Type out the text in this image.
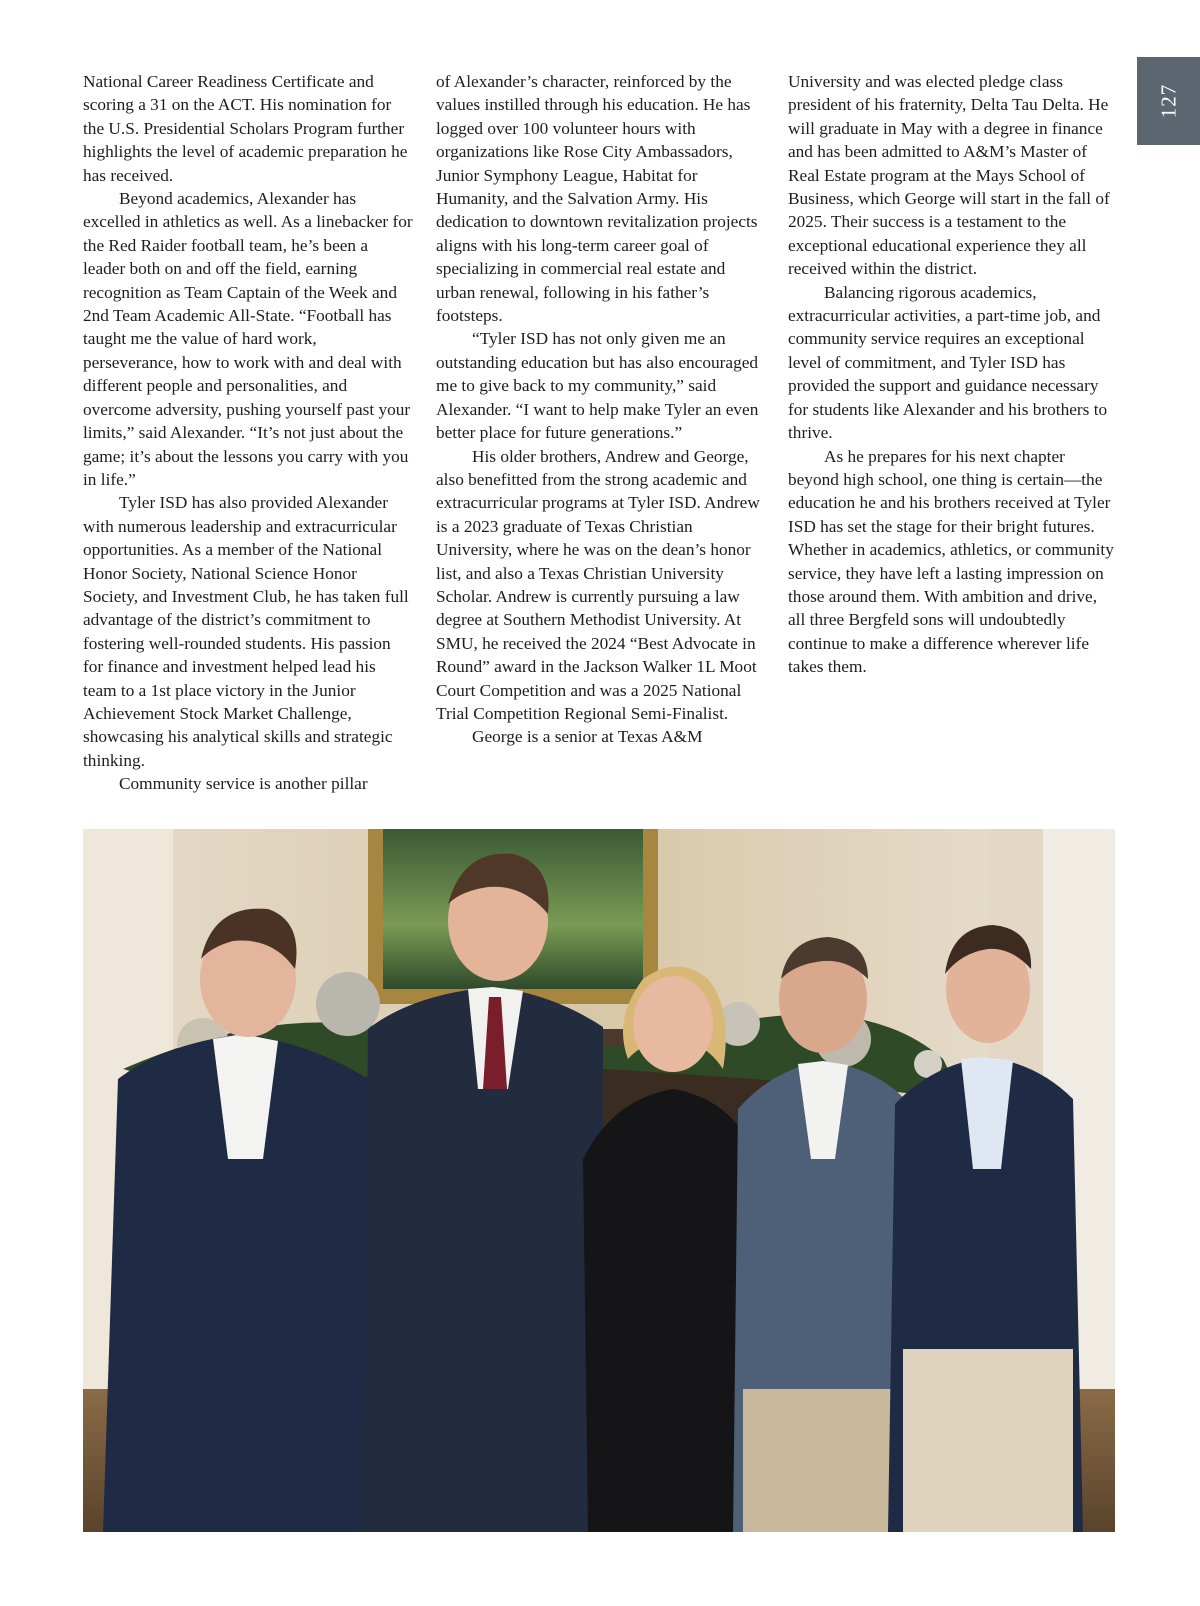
127

National Career Readiness Certificate and scoring a 31 on the ACT. His nomination for the U.S. Presidential Scholars Program further highlights the level of academic preparation he has received.

Beyond academics, Alexander has excelled in athletics as well. As a linebacker for the Red Raider football team, he’s been a leader both on and off the field, earning recognition as Team Captain of the Week and 2nd Team Academic All-State. “Football has taught me the value of hard work, perseverance, how to work with and deal with different people and personalities, and overcome adversity, pushing yourself past your limits,” said Alexander. “It’s not just about the game; it’s about the lessons you carry with you in life.”

Tyler ISD has also provided Alexander with numerous leadership and extracurricular opportunities. As a member of the National Honor Society, National Science Honor Society, and Investment Club, he has taken full advantage of the district’s commitment to fostering well-rounded students. His passion for finance and investment helped lead his team to a 1st place victory in the Junior Achievement Stock Market Challenge, showcasing his analytical skills and strategic thinking.

Community service is another pillar

of Alexander’s character, reinforced by the values instilled through his education. He has logged over 100 volunteer hours with organizations like Rose City Ambassadors, Junior Symphony League, Habitat for Humanity, and the Salvation Army. His dedication to downtown revitalization projects aligns with his long-term career goal of specializing in commercial real estate and urban renewal, following in his father’s footsteps.

“Tyler ISD has not only given me an outstanding education but has also encouraged me to give back to my community,” said Alexander. “I want to help make Tyler an even better place for future generations.”

His older brothers, Andrew and George, also benefitted from the strong academic and extracurricular programs at Tyler ISD. Andrew is a 2023 graduate of Texas Christian University, where he was on the dean’s honor list, and also a Texas Christian University Scholar. Andrew is currently pursuing a law degree at Southern Methodist University. At SMU, he received the 2024 “Best Advocate in Round” award in the Jackson Walker 1L Moot Court Competition and was a 2025 National Trial Competition Regional Semi-Finalist.

George is a senior at Texas A&M

University and was elected pledge class president of his fraternity, Delta Tau Delta. He will graduate in May with a degree in finance and has been admitted to A&M’s Master of Real Estate program at the Mays School of Business, which George will start in the fall of 2025. Their success is a testament to the exceptional educational experience they all received within the district.

Balancing rigorous academics, extracurricular activities, a part-time job, and community service requires an exceptional level of commitment, and Tyler ISD has provided the support and guidance necessary for students like Alexander and his brothers to thrive.

As he prepares for his next chapter beyond high school, one thing is certain—the education he and his brothers received at Tyler ISD has set the stage for their bright futures. Whether in academics, athletics, or community service, they have left a lasting impression on those around them. With ambition and drive, all three Bergfeld sons will undoubtedly continue to make a difference wherever life takes them.
